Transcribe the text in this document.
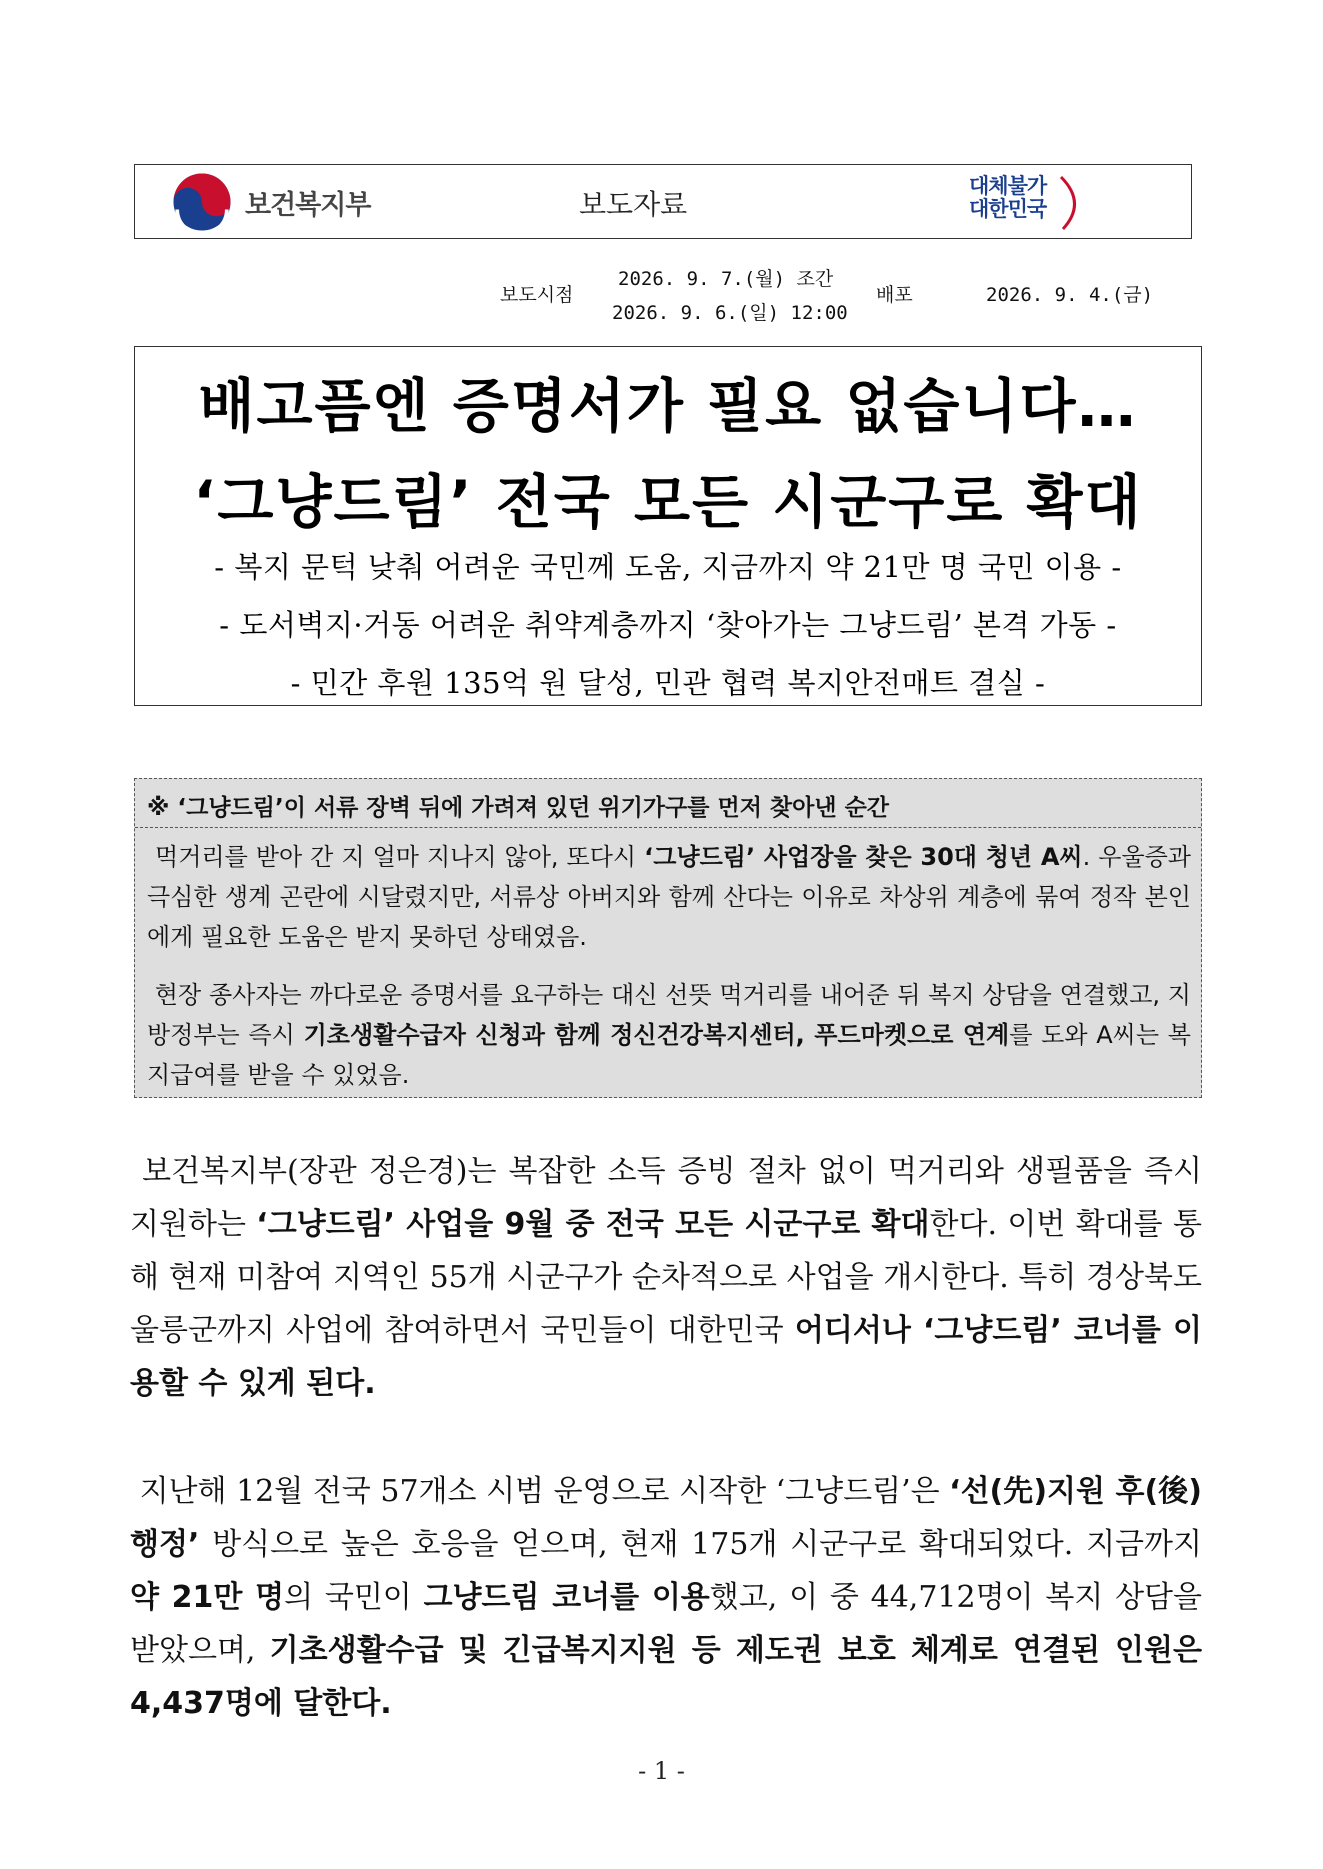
보건복지부	보도자료
대체불가
대한민국
보도시점
2026. 9. 7.(월) 조간
2026. 9. 6.(일) 12:00
배포	2026. 9. 4.(금)
배고픔엔 증명서가 필요 없습니다…
‘그냥드림’ 전국 모든 시군구로 확대
- 복지 문턱 낮춰 어려운 국민께 도움, 지금까지 약 21만 명 국민 이용 -
- 도서벽지·거동 어려운 취약계층까지 ‘찾아가는 그냥드림’ 본격 가동 -
- 민간 후원 135억 원 달성, 민관 협력 복지안전매트 결실 -
※ ‘그냥드림’이 서류 장벽 뒤에 가려져 있던 위기가구를 먼저 찾아낸 순간
먹거리를 받아 간 지 얼마 지나지 않아, 또다시 ‘그냥드림’ 사업장을 찾은 30대 청년 A씨. 우울증과 극심한 생계 곤란에 시달렸지만, 서류상 아버지와 함께 산다는 이유로 차상위 계층에 묶여 정작 본인에게 필요한 도움은 받지 못하던 상태였음.
현장 종사자는 까다로운 증명서를 요구하는 대신 선뜻 먹거리를 내어준 뒤 복지 상담을 연결했고, 지방정부는 즉시 기초생활수급자 신청과 함께 정신건강복지센터, 푸드마켓으로 연계를 도와 A씨는 복지급여를 받을 수 있었음.
보건복지부(장관 정은경)는 복잡한 소득 증빙 절차 없이 먹거리와 생필품을 즉시 지원하는 ‘그냥드림’ 사업을 9월 중 전국 모든 시군구로 확대한다. 이번 확대를 통해 현재 미참여 지역인 55개 시군구가 순차적으로 사업을 개시한다. 특히 경상북도 울릉군까지 사업에 참여하면서 국민들이 대한민국 어디서나 ‘그냥드림’ 코너를 이용할 수 있게 된다.
지난해 12월 전국 57개소 시범 운영으로 시작한 ‘그냥드림’은 ‘선(先)지원 후(後)행정’ 방식으로 높은 호응을 얻으며, 현재 175개 시군구로 확대되었다. 지금까지 약 21만 명의 국민이 그냥드림 코너를 이용했고, 이 중 44,712명이 복지 상담을 받았으며, 기초생활수급 및 긴급복지지원 등 제도권 보호 체계로 연결된 인원은 4,437명에 달한다.
- 1 -
